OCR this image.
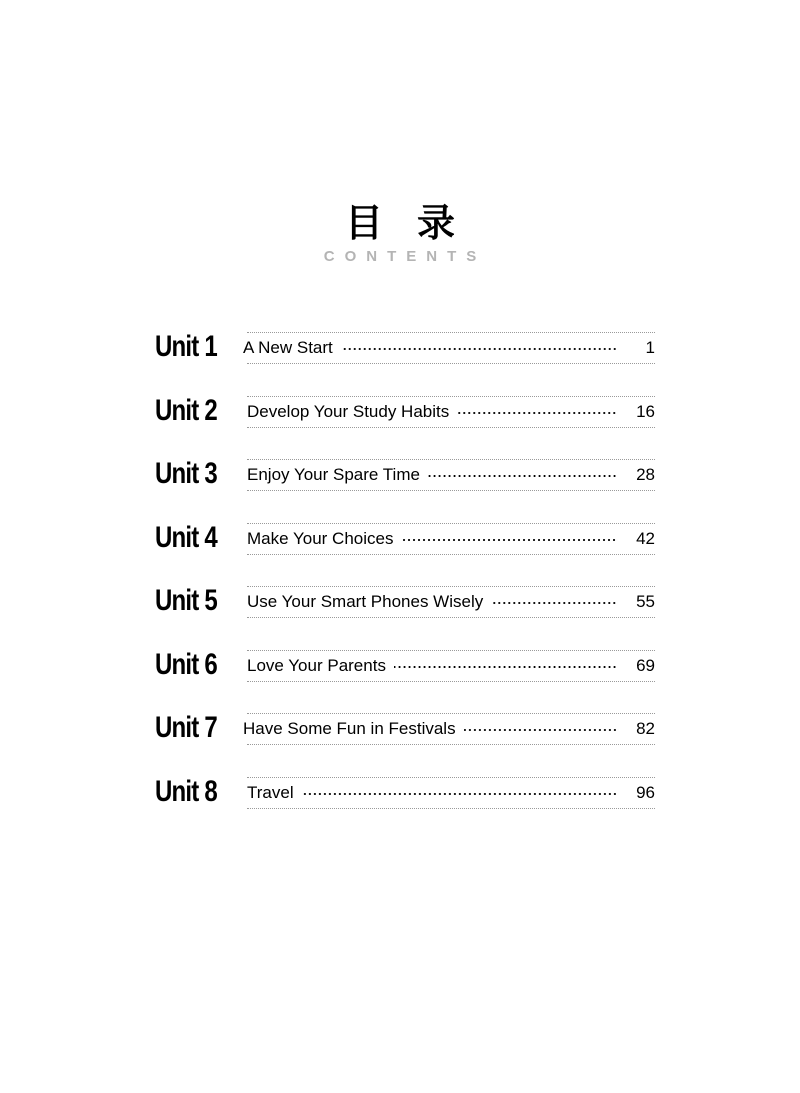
目录
CONTENTS
Unit 1 A New Start	1
Unit 2 Develop Your Study Habits	16
Unit 3 Enjoy Your Spare Time	28
Unit 4 Make Your Choices	42
Unit 5 Use Your Smart Phones Wisely	55
Unit 6 Love Your Parents	69
Unit 7 Have Some Fun in Festivals	82
Unit 8 Travel	96
